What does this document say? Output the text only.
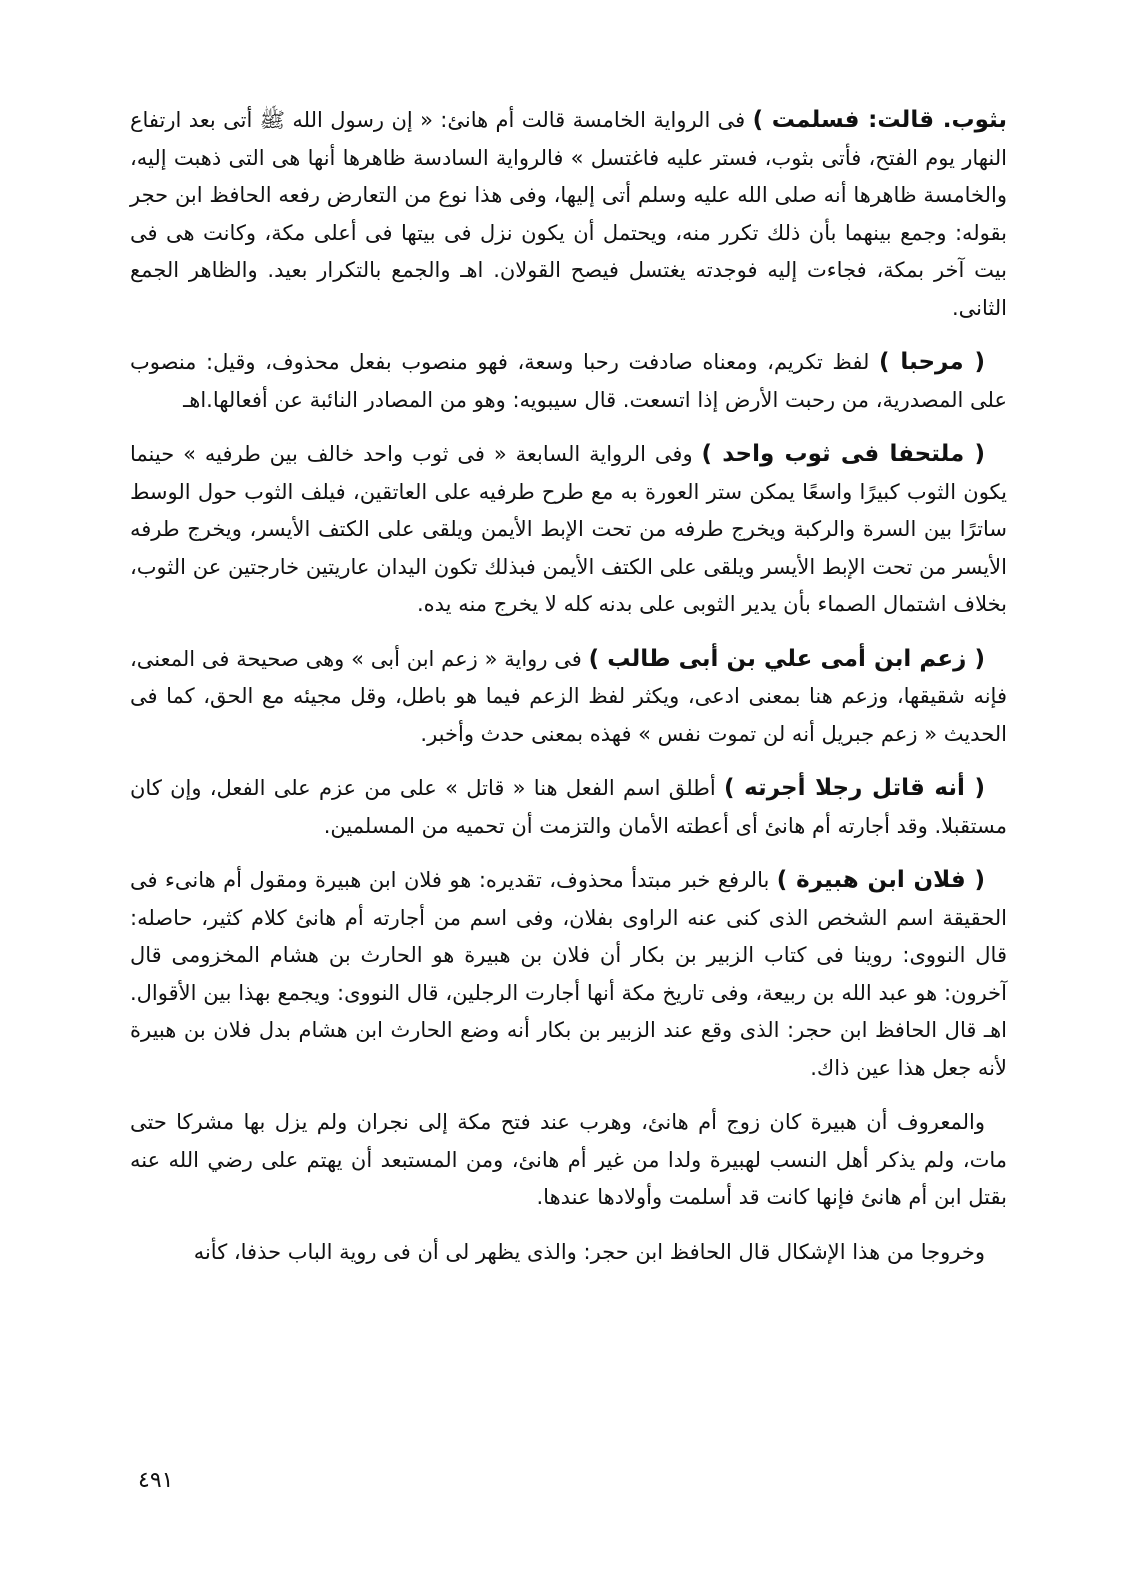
بثوب. قالت: فسلمت ) فى الرواية الخامسة قالت أم هانئ: « إن رسول الله ﷺ أتى بعد ارتفاع النهار يوم الفتح، فأتى بثوب، فستر عليه فاغتسل » فالرواية السادسة ظاهرها أنها هى التى ذهبت إليه، والخامسة ظاهرها أنه صلى الله عليه وسلم أتى إليها، وفى هذا نوع من التعارض رفعه الحافظ ابن حجر بقوله: وجمع بينهما بأن ذلك تكرر منه، ويحتمل أن يكون نزل فى بيتها فى أعلى مكة، وكانت هى فى بيت آخر بمكة، فجاءت إليه فوجدته يغتسل فيصح القولان. اهـ والجمع بالتكرار بعيد. والظاهر الجمع الثانى.

( مرحبا ) لفظ تكريم، ومعناه صادفت رحبا وسعة، فهو منصوب بفعل محذوف، وقيل: منصوب على المصدرية، من رحبت الأرض إذا اتسعت. قال سيبويه: وهو من المصادر النائبة عن أفعالها.اهـ

( ملتحفا فى ثوب واحد ) وفى الرواية السابعة « فى ثوب واحد خالف بين طرفيه » حينما يكون الثوب كبيرًا واسعًا يمكن ستر العورة به مع طرح طرفيه على العاتقين، فيلف الثوب حول الوسط ساترًا بين السرة والركبة ويخرج طرفه من تحت الإبط الأيمن ويلقى على الكتف الأيسر، ويخرج طرفه الأيسر من تحت الإبط الأيسر ويلقى على الكتف الأيمن فبذلك تكون اليدان عاريتين خارجتين عن الثوب، بخلاف اشتمال الصماء بأن يدير الثوبى على بدنه كله لا يخرج منه يده.

( زعم ابن أمى علي بن أبى طالب ) فى رواية « زعم ابن أبى » وهى صحيحة فى المعنى، فإنه شقيقها، وزعم هنا بمعنى ادعى، ويكثر لفظ الزعم فيما هو باطل، وقل مجيئه مع الحق، كما فى الحديث « زعم جبريل أنه لن تموت نفس » فهذه بمعنى حدث وأخبر.

( أنه قاتل رجلا أجرته ) أطلق اسم الفعل هنا « قاتل » على من عزم على الفعل، وإن كان مستقبلا. وقد أجارته أم هانئ أى أعطته الأمان والتزمت أن تحميه من المسلمين.

( فلان ابن هبيرة ) بالرفع خبر مبتدأ محذوف، تقديره: هو فلان ابن هبيرة ومقول أم هانىء فى الحقيقة اسم الشخص الذى كنى عنه الراوى بفلان، وفى اسم من أجارته أم هانئ كلام كثير، حاصله: قال النووى: روينا فى كتاب الزبير بن بكار أن فلان بن هبيرة هو الحارث بن هشام المخزومى قال آخرون: هو عبد الله بن ربيعة، وفى تاريخ مكة أنها أجارت الرجلين، قال النووى: ويجمع بهذا بين الأقوال. اهـ قال الحافظ ابن حجر: الذى وقع عند الزبير بن بكار أنه وضع الحارث ابن هشام بدل فلان بن هبيرة لأنه جعل هذا عين ذاك.

والمعروف أن هبيرة كان زوج أم هانئ، وهرب عند فتح مكة إلى نجران ولم يزل بها مشركا حتى مات، ولم يذكر أهل النسب لهبيرة ولدا من غير أم هانئ، ومن المستبعد أن يهتم على رضي الله عنه بقتل ابن أم هانئ فإنها كانت قد أسلمت وأولادها عندها.

وخروجا من هذا الإشكال قال الحافظ ابن حجر: والذى يظهر لى أن فى روية الباب حذفا، كأنه

٤٩١
